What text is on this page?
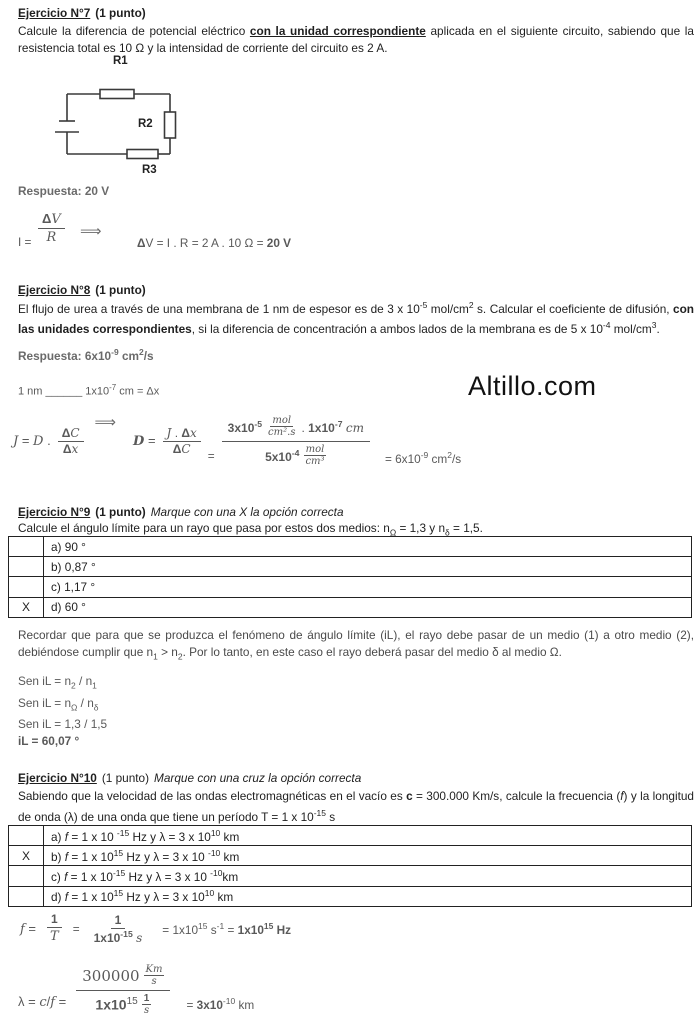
Ejercicio N°7 (1 punto)
Calcule la diferencia de potencial eléctrico con la unidad correspondiente aplicada en el siguiente circuito, sabiendo que la resistencia total es 10 Ω y la intensidad de corriente del circuito es 2 A.
R1
R2
R3
Respuesta: 20 V
$I = \frac{\Delta V}{R}$ ⟹
ΔV = I . R = 2 A . 10 Ω = 20 V
Ejercicio N°8 (1 punto)
El flujo de urea a través de una membrana de 1 nm de espesor es de 3 x $10^{-5}$ mol/$cm^2$ s. Calcular el coeficiente de difusión, con las unidades correspondientes, si la diferencia de concentración a ambos lados de la membrana es de 5 x $10^{-4}$ mol/$cm^3$.
Respuesta: $6x10^{-9}$ $cm^2/s$
1 nm ______ $1x10^{-7}$ cm = Δx	Altillo.com
J = D . $\frac{\Delta C}{\Delta x}$
⟹
$D = \frac{J . \Delta x}{\Delta C}$ =
$3x10^{-5} \frac{\text{mol}}{\text{cm².s}}$ . $1x10^{-7}$ cm
$5x10^{-4} \frac{\text{mol}}{\text{cm³}}$	= $6x10^{-9}$ $cm^2/s$
Ejercicio N°9 (1 punto) Marque con una X la opción correcta
Calcule el ángulo límite para un rayo que pasa por estos dos medios: $n_\Omega = 1,3$ y $n_\delta = 1,5$.
a) 90 °
b) 0,87 °
c) 1,17 °
X	d) 60 °
Recordar que para que se produzca el fenómeno de ángulo límite (iL), el rayo debe pasar de un medio (1) a otro medio (2), debiéndose cumplir que $n_1 > n_2$. Por lo tanto, en este caso el rayo deberá pasar del medio δ al medio Ω.
Sen iL = $n_2 / n_1$
Sen iL = $n_\Omega / n_\delta$
Sen iL = 1,3 / 1,5
iL = 60,07 °
Ejercicio N°10 (1 punto) Marque con una cruz la opción correcta
Sabiendo que la velocidad de las ondas electromagnéticas en el vacío es c = 300.000 Km/s, calcule la frecuencia (f) y la longitud de onda (λ) de una onda que tiene un período T = 1 x $10^{-15}$ s
a) f = 1 x 10 $^{-15}$ Hz y λ = 3 x $10^{10}$ km
X	b) f = 1 x $10^{15}$ Hz y λ = 3 x 10 $^{-10}$ km
c) f = 1 x $10^{-15}$ Hz y λ = 3 x 10 $^{-10}$km
d) f = 1 x $10^{15}$ Hz y λ = 3 x $10^{10}$ km
$f = \frac{1}{T} = \frac{1}{1x10^{-15} s} = 1x10^{15}$ $s^{-1} = 1x10^{15}$ Hz
$\lambda = c/f = \frac{300000 \frac{Km}{s}}{1x10^{15} \frac{1}{s}} = 3x10^{-10}$ km
